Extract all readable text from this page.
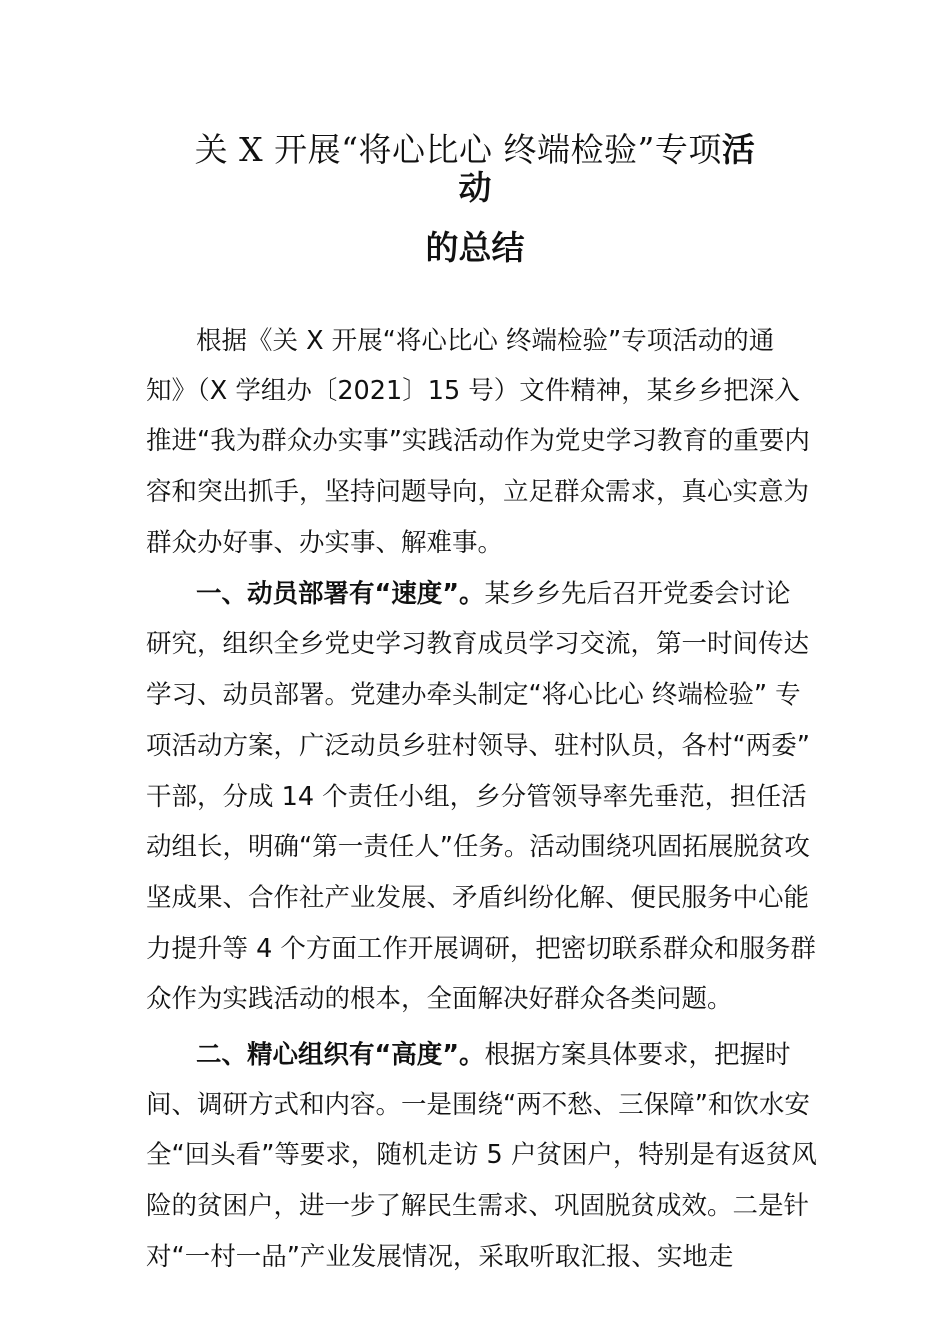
关 X 开展“将心比心 终端检验”专项活
动
的总结
根据《关 X 开展“将心比心 终端检验”专项活动的通
知》（X 学组办〔2021〕15 号）文件精神，某乡乡把深入
推进“我为群众办实事”实践活动作为党史学习教育的重要内
容和突出抓手，坚持问题导向，立足群众需求，真心实意为
群众办好事、办实事、解难事。
一、动员部署有“速度”。某乡乡先后召开党委会讨论
研究，组织全乡党史学习教育成员学习交流，第一时间传达
学习、动员部署。党建办牵头制定“将心比心 终端检验” 专
项活动方案，广泛动员乡驻村领导、驻村队员，各村“两委”
干部，分成 14 个责任小组，乡分管领导率先垂范，担任活
动组长，明确“第一责任人”任务。活动围绕巩固拓展脱贫攻
坚成果、合作社产业发展、矛盾纠纷化解、便民服务中心能
力提升等 4 个方面工作开展调研，把密切联系群众和服务群
众作为实践活动的根本，全面解决好群众各类问题。
二、精心组织有“高度”。根据方案具体要求，把握时
间、调研方式和内容。一是围绕“两不愁、三保障”和饮水安
全“回头看”等要求，随机走访 5 户贫困户，特别是有返贫风
险的贫困户，进一步了解民生需求、巩固脱贫成效。二是针
对“一村一品”产业发展情况，采取听取汇报、实地走
